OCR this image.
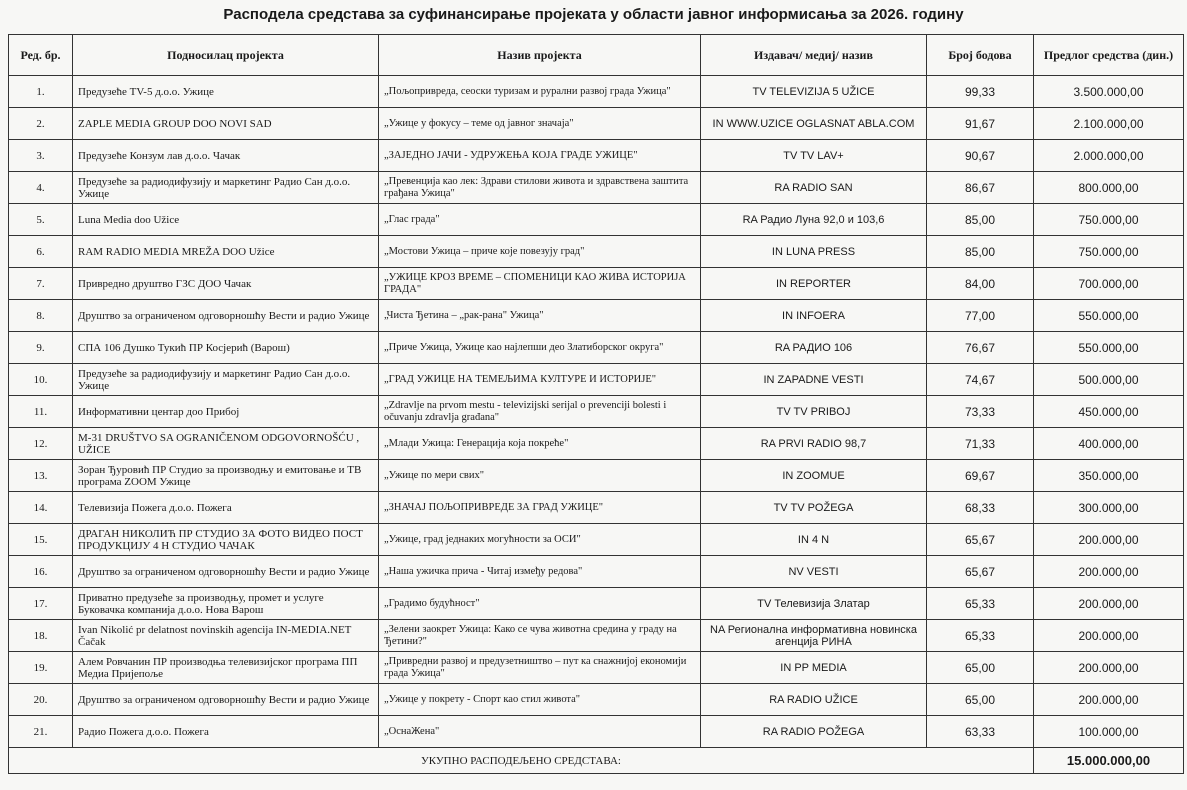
Расподела средстава за суфинансирање пројеката у области јавног информисања за 2026. годину
Ред. бр.	Подносилац пројекта	Назив пројекта	Издавач/ медиј/ назив	Број бодова	Предлог средства (дин.)
1.	Предузеће TV-5 д.о.о. Ужице	„Пољопривреда, сеоски туризам и рурални развој града Ужица"	TV TELEVIZIJA 5 UŽICE	99,33	3.500.000,00
2.	ZAPLE MEDIA GROUP DOO NOVI SAD	„Ужице у фокусу – теме од јавног значаја"	IN WWW.UZICE OGLASNAT ABLA.COM	91,67	2.100.000,00
3.	Предузеће Конзум лав д.о.о. Чачак	„ЗАЈЕДНО ЈАЧИ - УДРУЖЕЊА КОЈА ГРАДЕ УЖИЦЕ"	TV TV LAV+	90,67	2.000.000,00
4.	Предузеће за радиодифузију и маркетинг Радио Сан д.о.о. Ужице	„Превенција као лек: Здрави стилови живота и здравствена заштита грађана Ужица"	RA RADIO SAN	86,67	800.000,00
5.	Luna Media doo Užice	„Глас града"	RA Радио Луна 92,0 и 103,6	85,00	750.000,00
6.	RAM RADIO MEDIA MREŽA DOO Užice	„Мостови Ужица – приче које повезују град"	IN LUNA PRESS	85,00	750.000,00
7.	Привредно друштво ГЗС ДОО Чачак	„УЖИЦЕ КРОЗ ВРЕМЕ – СПОМЕНИЦИ КАО ЖИВА ИСТОРИЈА ГРАДА"	IN REPORTER	84,00	700.000,00
8.	Друштво за ограниченом одговорношћу Вести и радио Ужице	„Чиста Ђетина – „рак-рана" Ужица"	IN INFOERA	77,00	550.000,00
9.	СПА 106 Душко Тукић ПР Косјерић (Варош)	„Приче Ужица, Ужице као најлепши део Златиборског округа"	RA РАДИО 106	76,67	550.000,00
10.	Предузеће за радиодифузију и маркетинг Радио Сан д.о.о. Ужице	„ГРАД УЖИЦЕ НА ТЕМЕЉИМА КУЛТУРЕ И ИСТОРИЈЕ"	IN ZAPADNE VESTI	74,67	500.000,00
11.	Информативни центар доо Прибој	„Zdravlje na prvom mestu - televizijski serijal o prevenciji bolesti i očuvanju zdravlja građana"	TV TV PRIBOJ	73,33	450.000,00
12.	М-31 DRUŠTVO SA OGRANIČENOM ODGOVORNOŠĆU , UŽICE	„Млади Ужица: Генерација која покреће"	RA PRVI RADIO 98,7	71,33	400.000,00
13.	Зоран Ђуровић ПР Студио за производњу и емитовање и ТВ програма ZOOM Ужице	„Ужице по мери свих"	IN ZOOMUE	69,67	350.000,00
14.	Телевизија Пожега д.о.о. Пожега	„ЗНАЧАЈ ПОЉОПРИВРЕДЕ ЗА ГРАД УЖИЦЕ"	TV TV POŽEGA	68,33	300.000,00
15.	ДРАГАН НИКОЛИЋ ПР СТУДИО ЗА ФОТО ВИДЕО ПОСТ ПРОДУКЦИЈУ 4 Н СТУДИО ЧАЧАК	„Ужице, град једнаких могућности за ОСИ"	IN 4 N	65,67	200.000,00
16.	Друштво за ограниченом одговорношћу Вести и радио Ужице	„Наша ужичка прича - Читај између редова"	NV VESTI	65,67	200.000,00
17.	Приватно предузеће за производњу, промет и услуге Буковачка компанија д.о.о. Нова Варош	„Градимо будућност"	TV Телевизија Златар	65,33	200.000,00
18.	Ivan Nikolić pr delatnost novinskih agencija IN-MEDIA.NET Čačak	„Зелени заокрет Ужица: Како се чува животна средина у граду на Ђетини?"	NA Регионална информативна новинска агенција РИНА	65,33	200.000,00
19.	Алем Ровчанин ПР производња телевизијског програма ПП Медиа Пријепоље	„Привредни развој и предузетништво – пут ка снажнијој економији града Ужица"	IN PP MEDIA	65,00	200.000,00
20.	Друштво за ограниченом одговорношћу Вести и радио Ужице	„Ужице у покрету - Спорт као стил живота"	RA RADIO UŽICE	65,00	200.000,00
21.	Радио Пожега д.о.о. Пожега	„ОснаЖена"	RA RADIO POŽEGA	63,33	100.000,00
УКУПНО РАСПОДЕЉЕНО СРЕДСТАВА:					15.000.000,00
